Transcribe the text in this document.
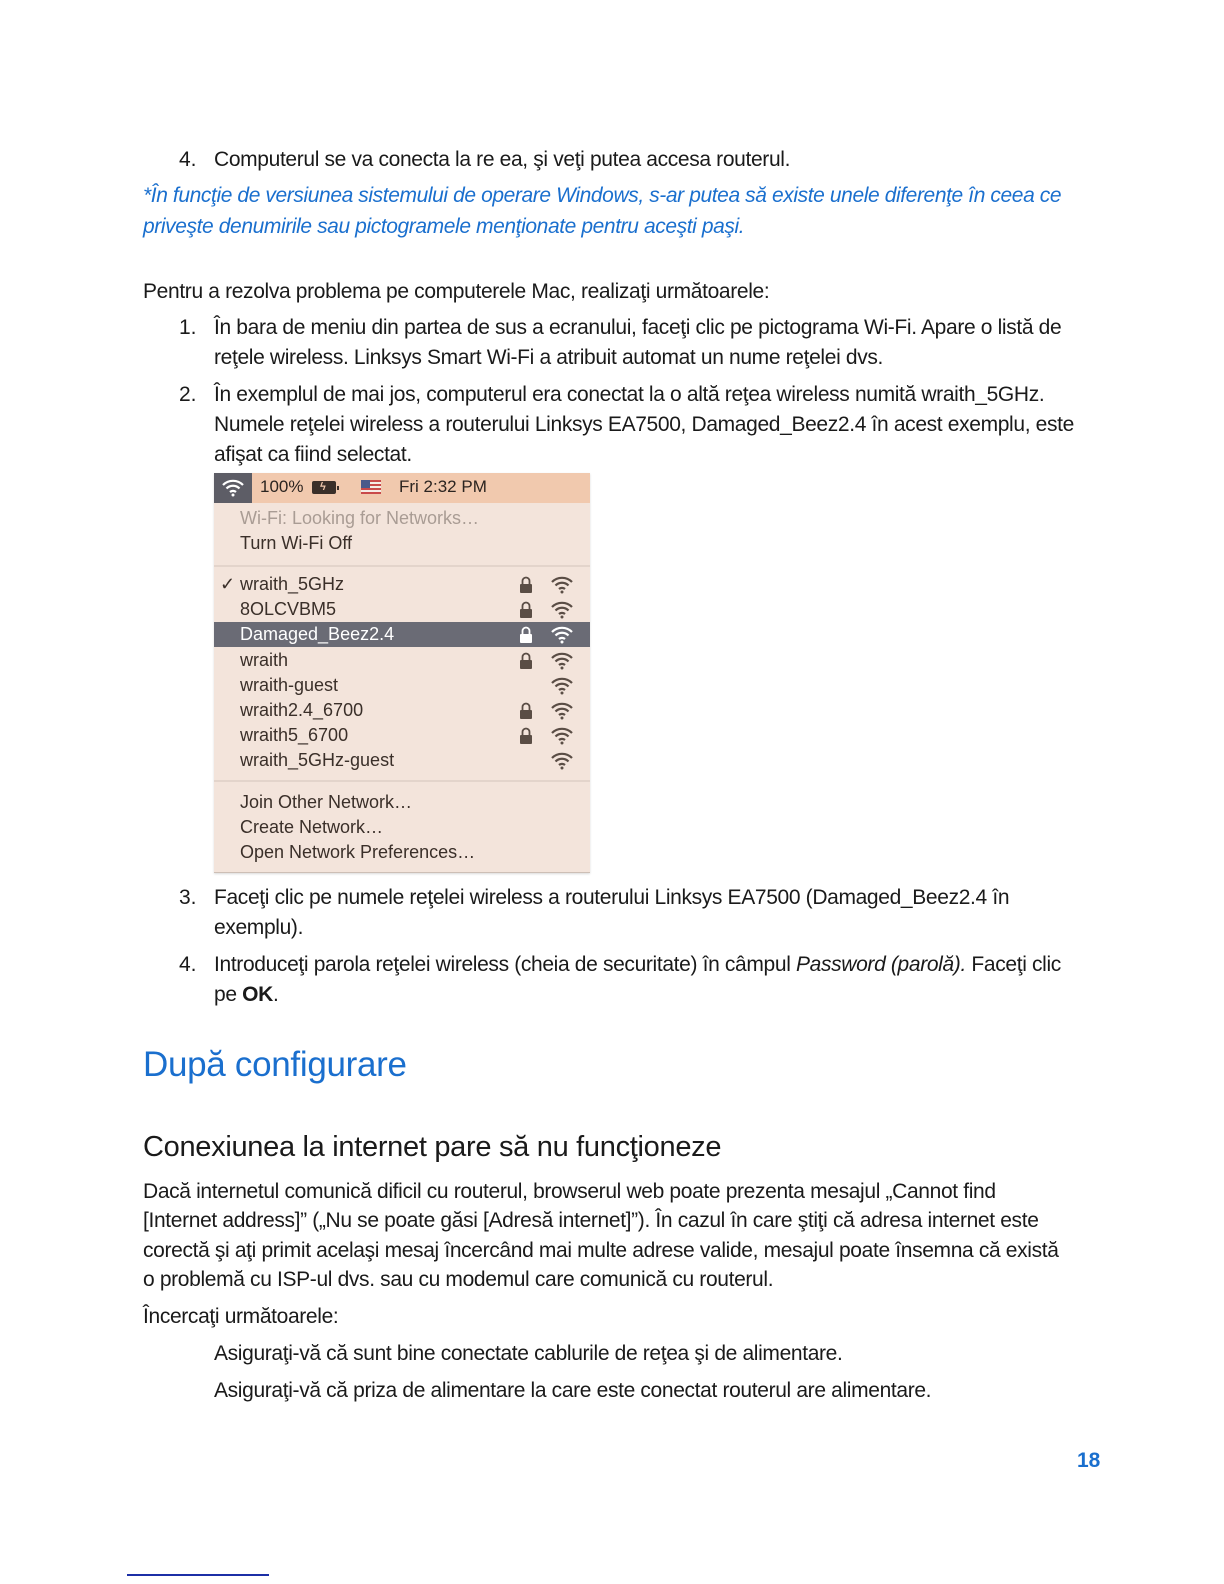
4. Computerul se va conecta la re ea, şi veţi putea accesa routerul.
*În funcţie de versiunea sistemului de operare Windows, s-ar putea să existe unele diferenţe în ceea ce priveşte denumirile sau pictogramele menţionate pentru aceşti paşi.
Pentru a rezolva problema pe computerele Mac, realizaţi următoarele:
1. În bara de meniu din partea de sus a ecranului, faceţi clic pe pictograma Wi-Fi. Apare o listă de
reţele wireless. Linksys Smart Wi-Fi a atribuit automat un nume reţelei dvs.
2. În exemplul de mai jos, computerul era conectat la o altă reţea wireless numită wraith_5GHz.
Numele reţelei wireless a routerului Linksys EA7500, Damaged_Beez2.4 în acest exemplu, este
afişat ca fiind selectat.
100% ϟ	Fri 2:32 PM
Wi-Fi: Looking for Networks…
Turn Wi-Fi Off
✓ wraith_5GHz
8OLCVBM5
Damaged_Beez2.4
wraith
wraith-guest
wraith2.4_6700
wraith5_6700
wraith_5GHz-guest
Join Other Network…
Create Network…
Open Network Preferences…
3. Faceţi clic pe numele reţelei wireless a routerului Linksys EA7500 (Damaged_Beez2.4 în
exemplu).
4. Introduceţi parola reţelei wireless (cheia de securitate) în câmpul Password (parolă). Faceţi clic
pe OK.
După configurare
Conexiunea la internet pare să nu funcţioneze
Dacă internetul comunică dificil cu routerul, browserul web poate prezenta mesajul „Cannot find
[Internet address]” („Nu se poate găsi [Adresă internet]”). În cazul în care ştiţi că adresa internet este
corectă şi aţi primit acelaşi mesaj încercând mai multe adrese valide, mesajul poate însemna că există
o problemă cu ISP-ul dvs. sau cu modemul care comunică cu routerul.
Încercaţi următoarele:
Asiguraţi-vă că sunt bine conectate cablurile de reţea şi de alimentare.
Asiguraţi-vă că priza de alimentare la care este conectat routerul are alimentare.
18
